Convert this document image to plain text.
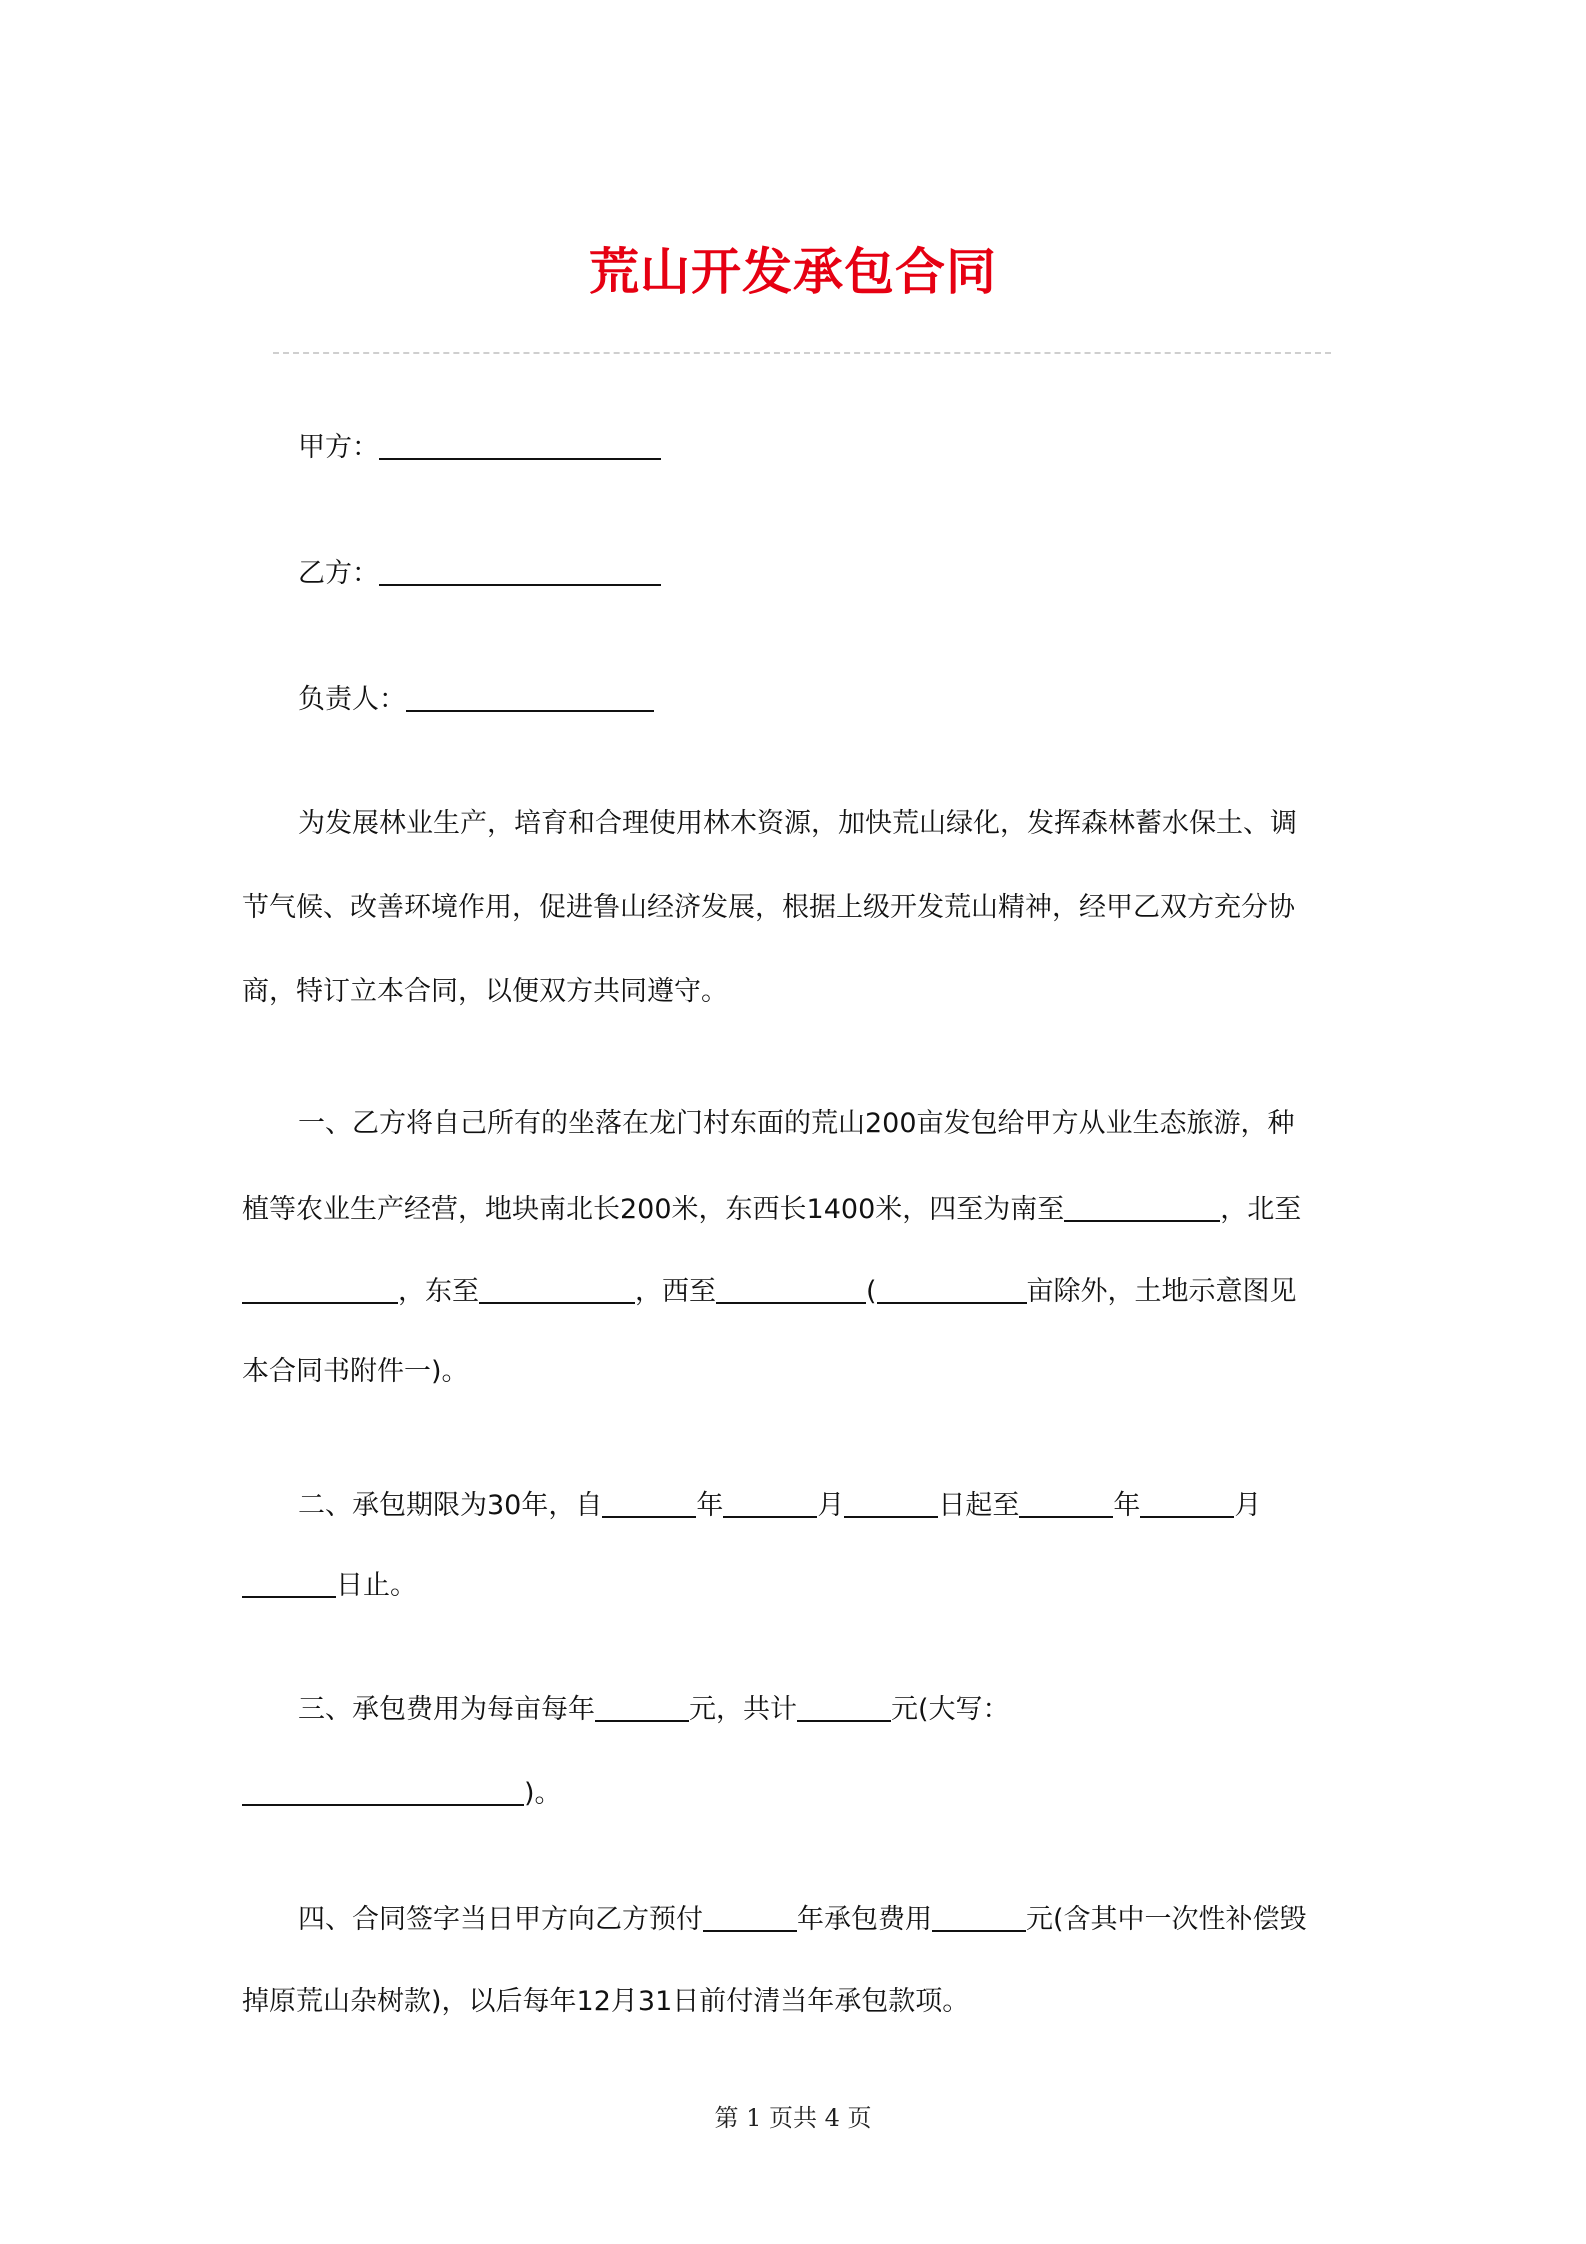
荒山开发承包合同
甲方：
乙方：
负责人：
为发展林业生产，培育和合理使用林木资源，加快荒山绿化，发挥森林蓄水保土、调
节气候、改善环境作用，促进鲁山经济发展，根据上级开发荒山精神，经甲乙双方充分协
商，特订立本合同，以便双方共同遵守。
一、乙方将自己所有的坐落在龙门村东面的荒山200亩发包给甲方从业生态旅游，种
植等农业生产经营，地块南北长200米，东西长1400米，四至为南至	，北至
，东至	，西至	(	亩除外，土地示意图见
本合同书附件一)。
二、承包期限为30年，自	年	月	日起至	年	月
日止。
三、承包费用为每亩每年	元，共计	元(大写：
)。
四、合同签字当日甲方向乙方预付	年承包费用	元(含其中一次性补偿毁
掉原荒山杂树款)，以后每年12月31日前付清当年承包款项。
第 1 页共 4 页
